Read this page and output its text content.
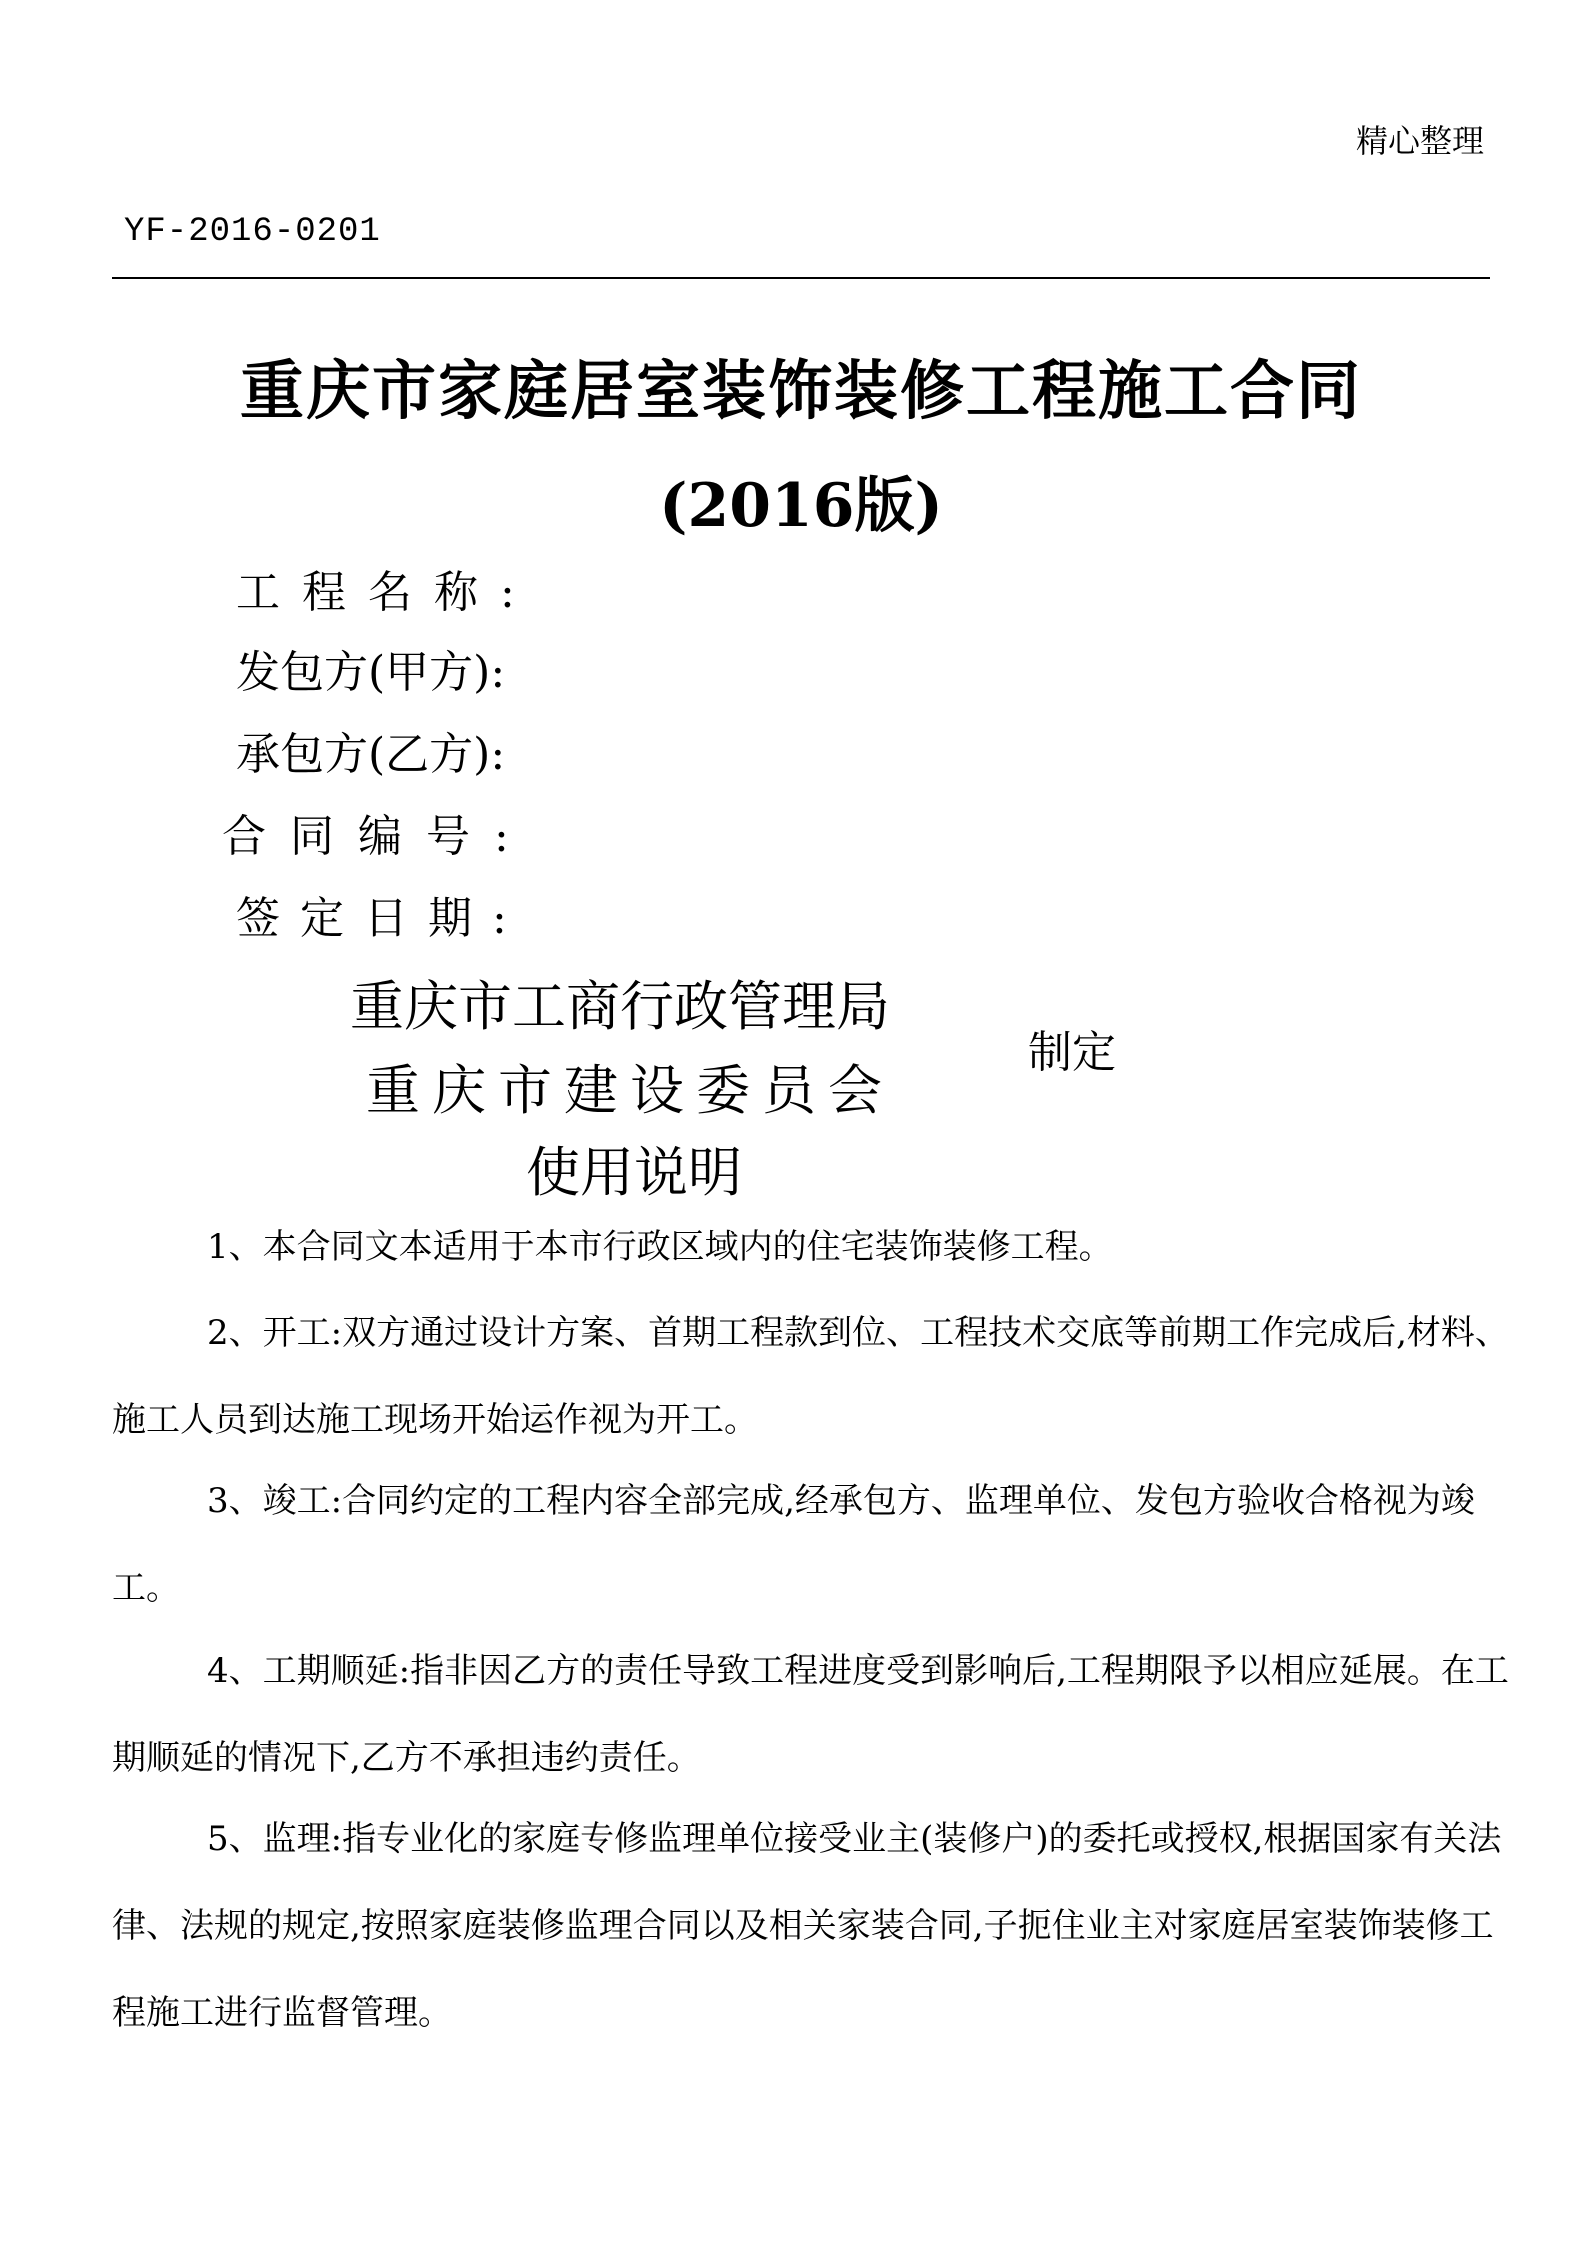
精心整理
YF-2016-0201
重庆市家庭居室装饰装修工程施工合同
(2016版)
工程名称:
发包方(甲方):
承包方(乙方):
合同编号:
签定日期:
重庆市工商行政管理局
重庆市建设委员会
制定
使用说明
1、本合同文本适用于本市行政区域内的住宅装饰装修工程。
2、开工:双方通过设计方案、首期工程款到位、工程技术交底等前期工作完成后,材料、施工人员到达施工现场开始运作视为开工。
3、竣工:合同约定的工程内容全部完成,经承包方、监理单位、发包方验收合格视为竣工。
4、工期顺延:指非因乙方的责任导致工程进度受到影响后,工程期限予以相应延展。在工期顺延的情况下,乙方不承担违约责任。
5、监理:指专业化的家庭专修监理单位接受业主(装修户)的委托或授权,根据国家有关法律、法规的规定,按照家庭装修监理合同以及相关家装合同,子扼住业主对家庭居室装饰装修工程施工进行监督管理。
